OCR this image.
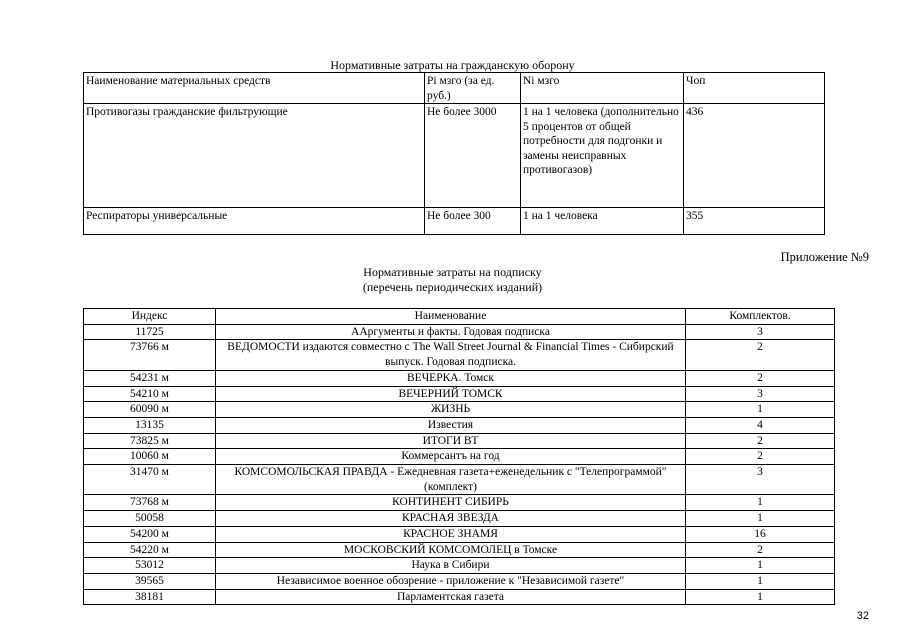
Нормативные затраты на гражданскую оборону
Наименование материальных средств	Pi мзго (за ед. руб.)	Ni мзго	Чоп
Противогазы гражданские фильтрующие	Не более 3000	1 на 1 человека (дополнительно 5 процентов от общей потребности для подгонки и замены неисправных противогазов)	436
Респираторы универсальные	Не более 300	1 на 1 человека	355
Приложение №9
Нормативные затраты на подписку
(перечень периодических изданий)
Индекс	Наименование	Комплектов.
11725	ААргументы и факты. Годовая подписка	3
73766 м	ВЕДОМОСТИ издаются совместно с The Wall Street Journal & Financial Times - Сибирский выпуск. Годовая подписка.	2
54231 м	ВЕЧЕРКА. Томск	2
54210 м	ВЕЧЕРНИЙ ТОМСК	3
60090 м	ЖИЗНЬ	1
13135	Известия	4
73825 м	ИТОГИ ВТ	2
10060 м	Коммерсантъ на год	2
31470 м	КОМСОМОЛЬСКАЯ ПРАВДА - Ежедневная газета+еженедельник с "Телепрограммой" (комплект)	3
73768 м	КОНТИНЕНТ СИБИРЬ	1
50058	КРАСНАЯ ЗВЕЗДА	1
54200 м	КРАСНОЕ ЗНАМЯ	16
54220 м	МОСКОВСКИЙ КОМСОМОЛЕЦ в Томске	2
53012	Наука в Сибири	1
39565	Независимое военное обозрение - приложение к "Независимой газете"	1
38181	Парламентская газета	1
32
